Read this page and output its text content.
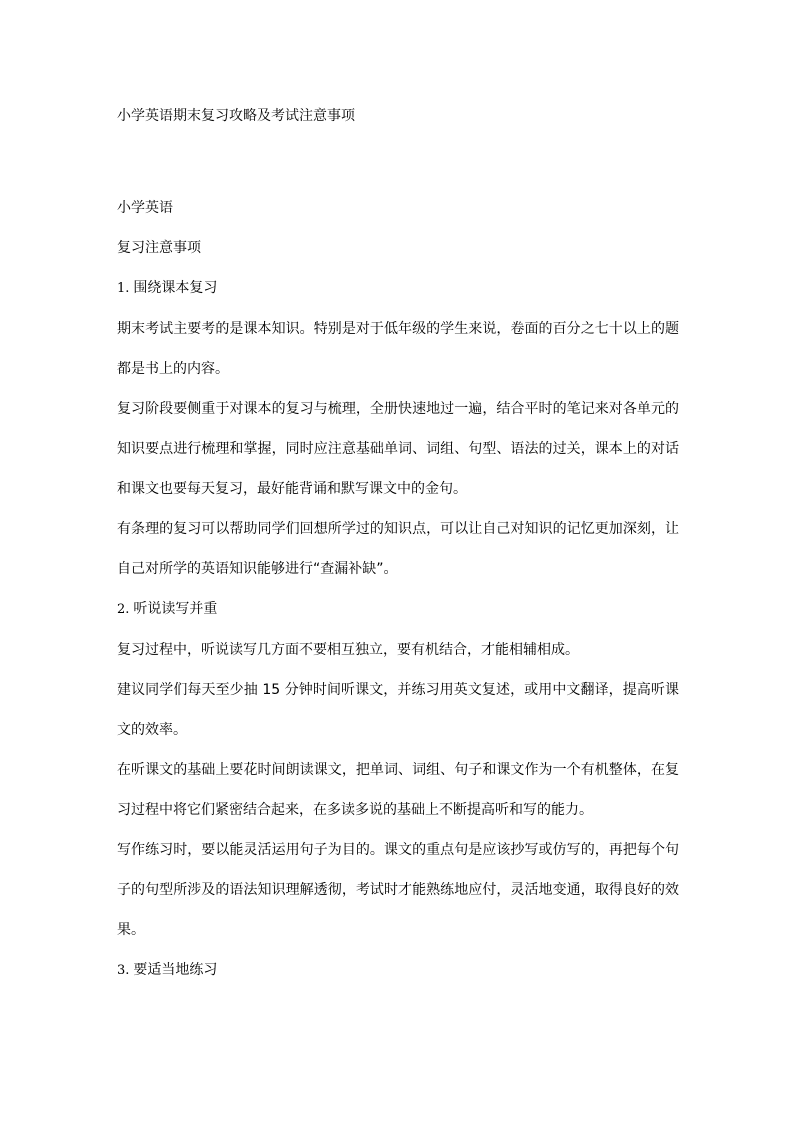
小学英语期末复习攻略及考试注意事项

小学英语

复习注意事项

1. 围绕课本复习

期末考试主要考的是课本知识。特别是对于低年级的学生来说，卷面的百分之七十以上的题都是书上的内容。

复习阶段要侧重于对课本的复习与梳理，全册快速地过一遍，结合平时的笔记来对各单元的知识要点进行梳理和掌握，同时应注意基础单词、词组、句型、语法的过关，课本上的对话和课文也要每天复习，最好能背诵和默写课文中的金句。

有条理的复习可以帮助同学们回想所学过的知识点，可以让自己对知识的记忆更加深刻，让自己对所学的英语知识能够进行“查漏补缺”。

2. 听说读写并重

复习过程中，听说读写几方面不要相互独立，要有机结合，才能相辅相成。

建议同学们每天至少抽 15 分钟时间听课文，并练习用英文复述，或用中文翻译，提高听课文的效率。

在听课文的基础上要花时间朗读课文，把单词、词组、句子和课文作为一个有机整体，在复习过程中将它们紧密结合起来，在多读多说的基础上不断提高听和写的能力。

写作练习时，要以能灵活运用句子为目的。课文的重点句是应该抄写或仿写的，再把每个句子的句型所涉及的语法知识理解透彻，考试时才能熟练地应付，灵活地变通，取得良好的效果。

3. 要适当地练习
